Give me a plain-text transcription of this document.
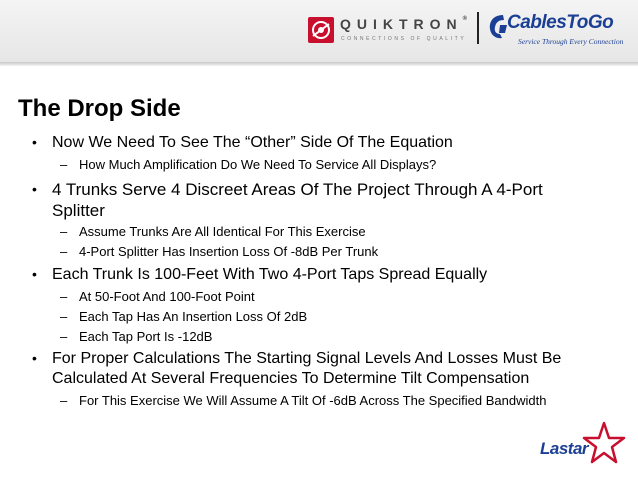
QUIKTRON®
CONNECTIONS OF QUALITY
CablesToGo
Service Through Every Connection
The Drop Side
• Now We Need To See The “Other” Side Of The Equation
– How Much Amplification Do We Need To Service All Displays?
• 4 Trunks Serve 4 Discreet Areas Of The Project Through A 4-Port Splitter
– Assume Trunks Are All Identical For This Exercise
– 4-Port Splitter Has Insertion Loss Of -8dB Per Trunk
• Each Trunk Is 100-Feet With Two 4-Port Taps Spread Equally
– At 50-Foot And 100-Foot Point
– Each Tap Has An Insertion Loss Of 2dB
– Each Tap Port Is -12dB
• For Proper Calculations The Starting Signal Levels And Losses Must Be Calculated At Several Frequencies To Determine Tilt Compensation
– For This Exercise We Will Assume A Tilt Of -6dB Across The Specified Bandwidth
Lastar
